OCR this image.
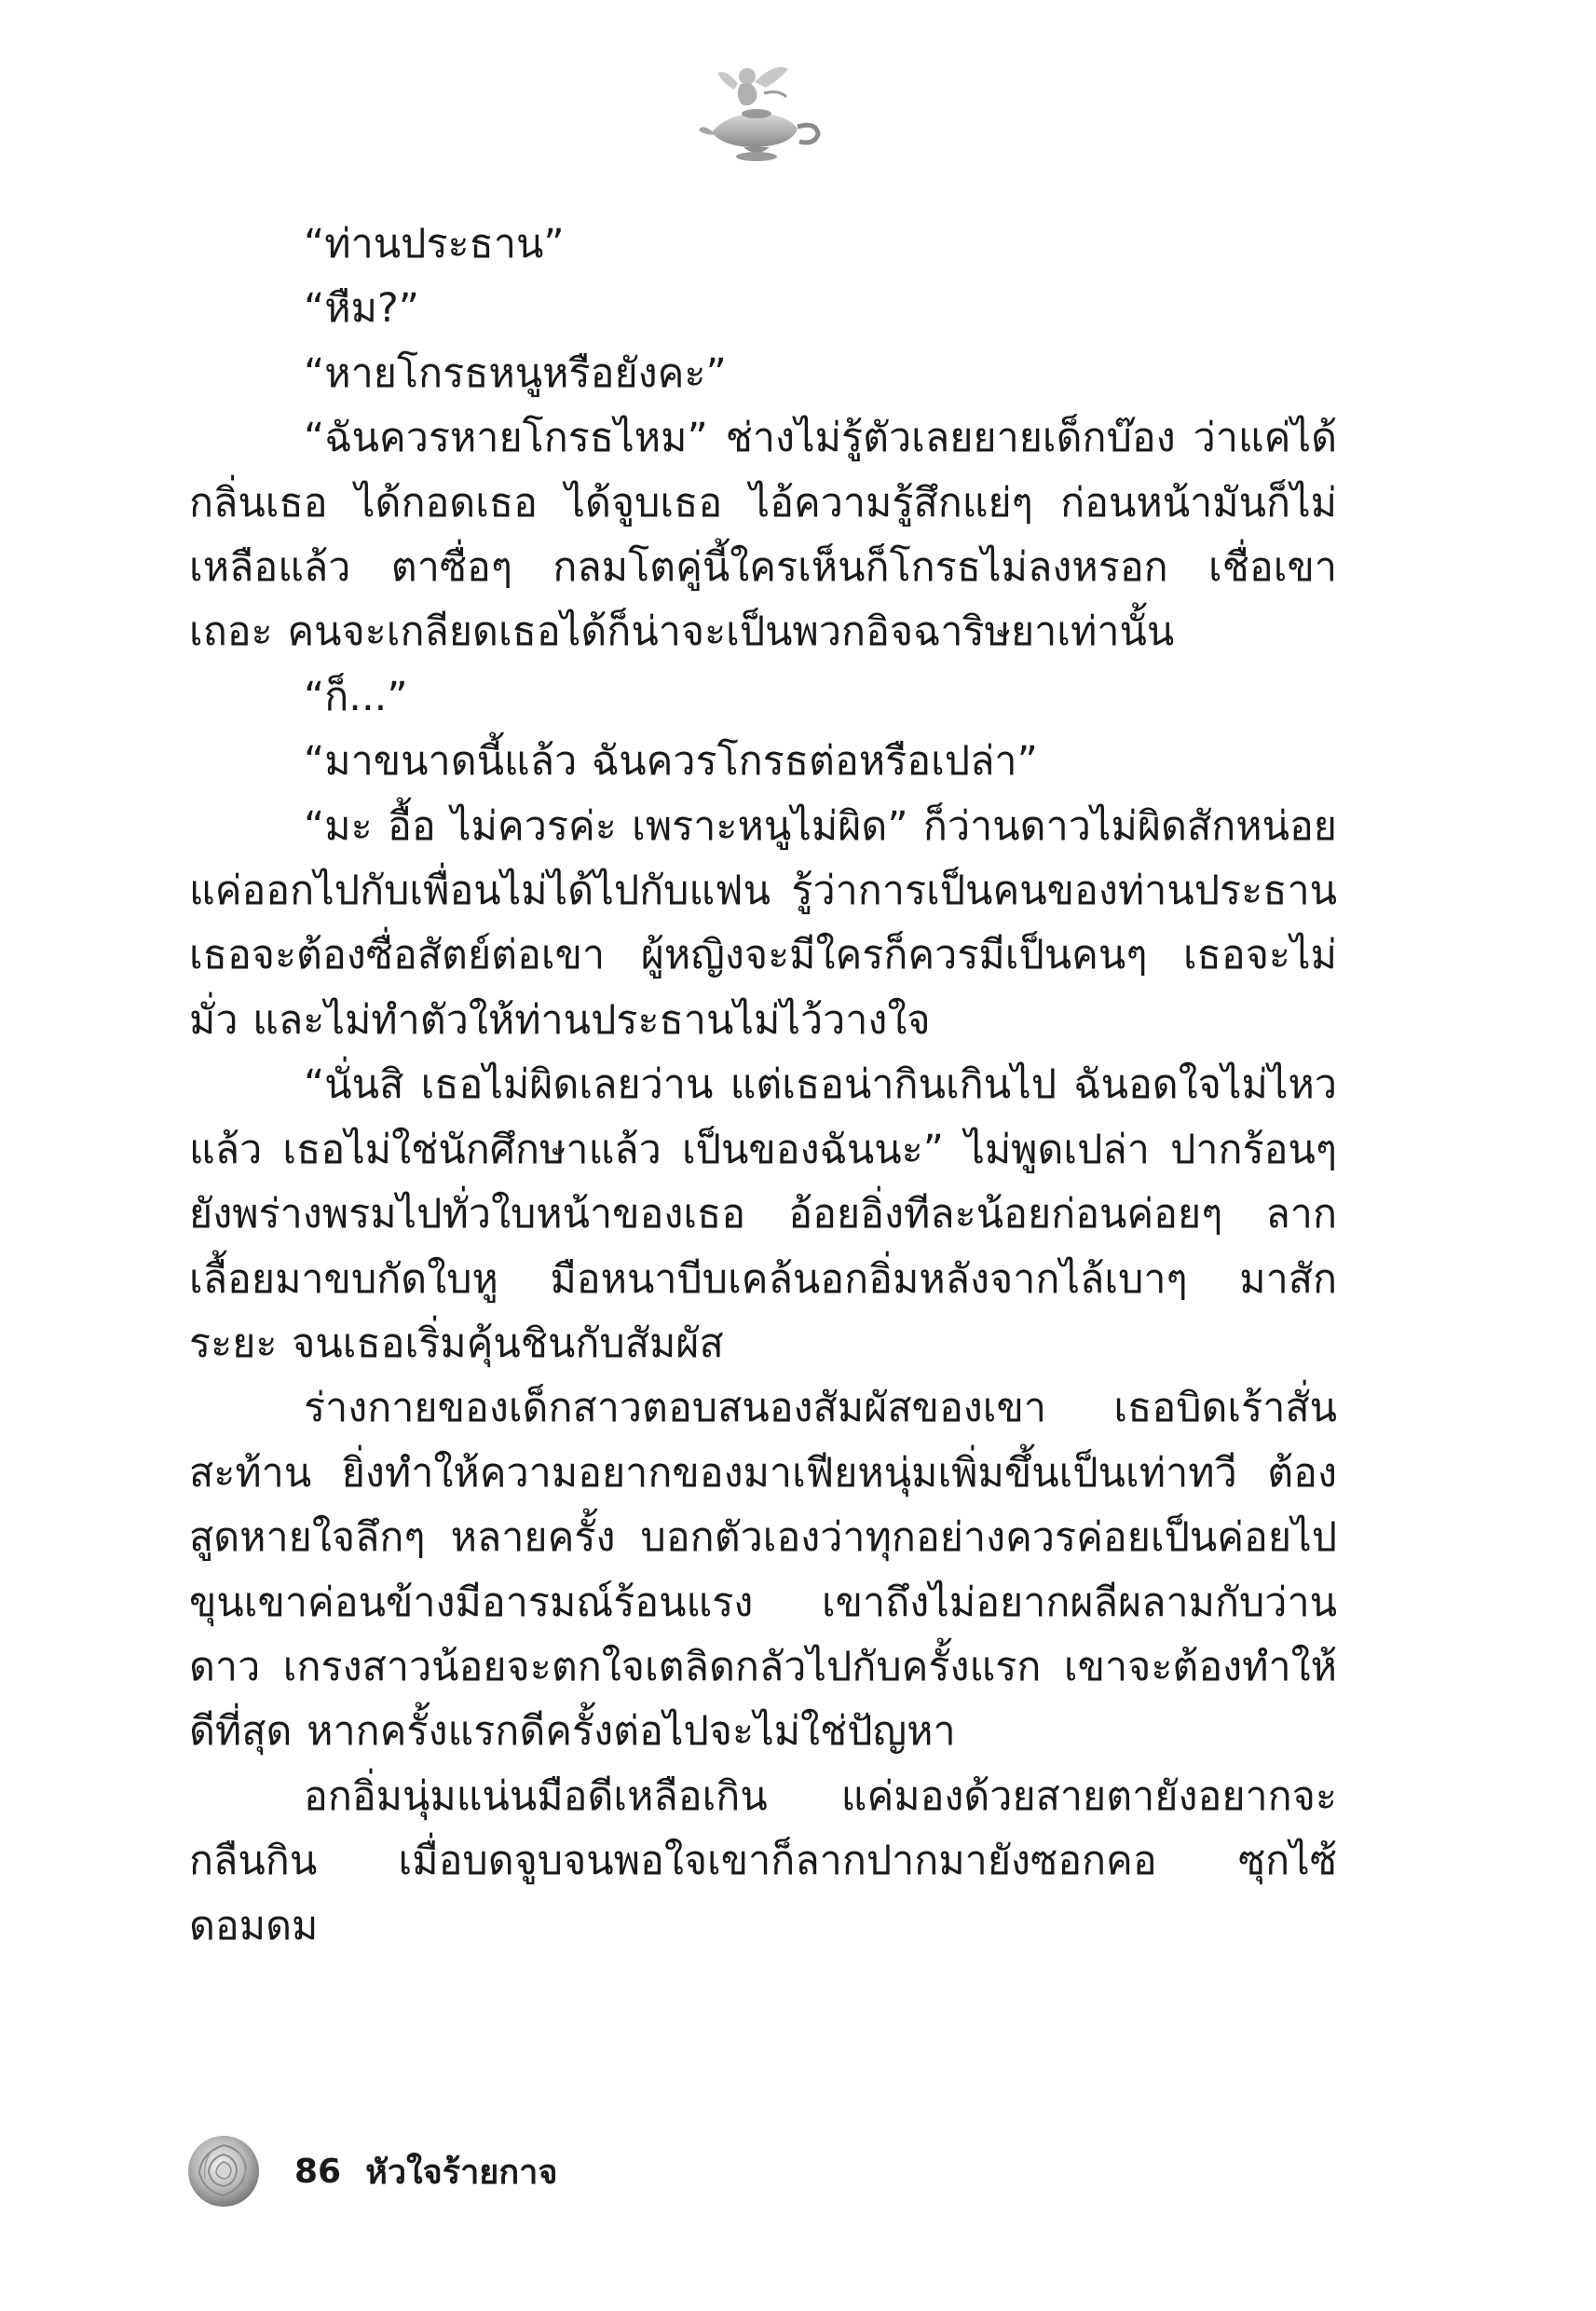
“ท่านประธาน”

“หืม?”

“หายโกรธหนูหรือยังคะ”

“ฉันควรหายโกรธไหม” ช่างไม่รู้ตัวเลยยายเด็กบ๊อง ว่าแค่ได้กลิ่นเธอ ได้กอดเธอ ได้จูบเธอ ไอ้ความรู้สึกแย่ๆ ก่อนหน้ามันก็ไม่เหลือแล้ว ตาซื่อๆ กลมโตคู่นี้ใครเห็นก็โกรธไม่ลงหรอก เชื่อเขาเถอะ คนจะเกลียดเธอได้ก็น่าจะเป็นพวกอิจฉาริษยาเท่านั้น

“ก็...”

“มาขนาดนี้แล้ว ฉันควรโกรธต่อหรือเปล่า”

“มะ อื้อ ไม่ควรค่ะ เพราะหนูไม่ผิด” ก็ว่านดาวไม่ผิดสักหน่อย แค่ออกไปกับเพื่อนไม่ได้ไปกับแฟน รู้ว่าการเป็นคนของท่านประธาน เธอจะต้องซื่อสัตย์ต่อเขา ผู้หญิงจะมีใครก็ควรมีเป็นคนๆ เธอจะไม่มั่ว และไม่ทำตัวให้ท่านประธานไม่ไว้วางใจ

“นั่นสิ เธอไม่ผิดเลยว่าน แต่เธอน่ากินเกินไป ฉันอดใจไม่ไหวแล้ว เธอไม่ใช่นักศึกษาแล้ว เป็นของฉันนะ” ไม่พูดเปล่า ปากร้อนๆ ยังพร่างพรมไปทั่วใบหน้าของเธอ อ้อยอิ่งทีละน้อยก่อนค่อยๆ ลากเลื้อยมาขบกัดใบหู มือหนาบีบเคล้นอกอิ่มหลังจากไล้เบาๆ มาสักระยะ จนเธอเริ่มคุ้นชินกับสัมผัส

ร่างกายของเด็กสาวตอบสนองสัมผัสของเขา เธอบิดเร้าสั่นสะท้าน ยิ่งทำให้ความอยากของมาเฟียหนุ่มเพิ่มขึ้นเป็นเท่าทวี ต้องสูดหายใจลึกๆ หลายครั้ง บอกตัวเองว่าทุกอย่างควรค่อยเป็นค่อยไป ขุนเขาค่อนข้างมีอารมณ์ร้อนแรง เขาถึงไม่อยากผลีผลามกับว่านดาว เกรงสาวน้อยจะตกใจเตลิดกลัวไปกับครั้งแรก เขาจะต้องทำให้ดีที่สุด หากครั้งแรกดีครั้งต่อไปจะไม่ใช่ปัญหา

อกอิ่มนุ่มแน่นมือดีเหลือเกิน แค่มองด้วยสายตายังอยากจะกลืนกิน เมื่อบดจูบจนพอใจเขาก็ลากปากมายังซอกคอ ซุกไซ้ ดอมดม

86 หัวใจร้ายกาจ
